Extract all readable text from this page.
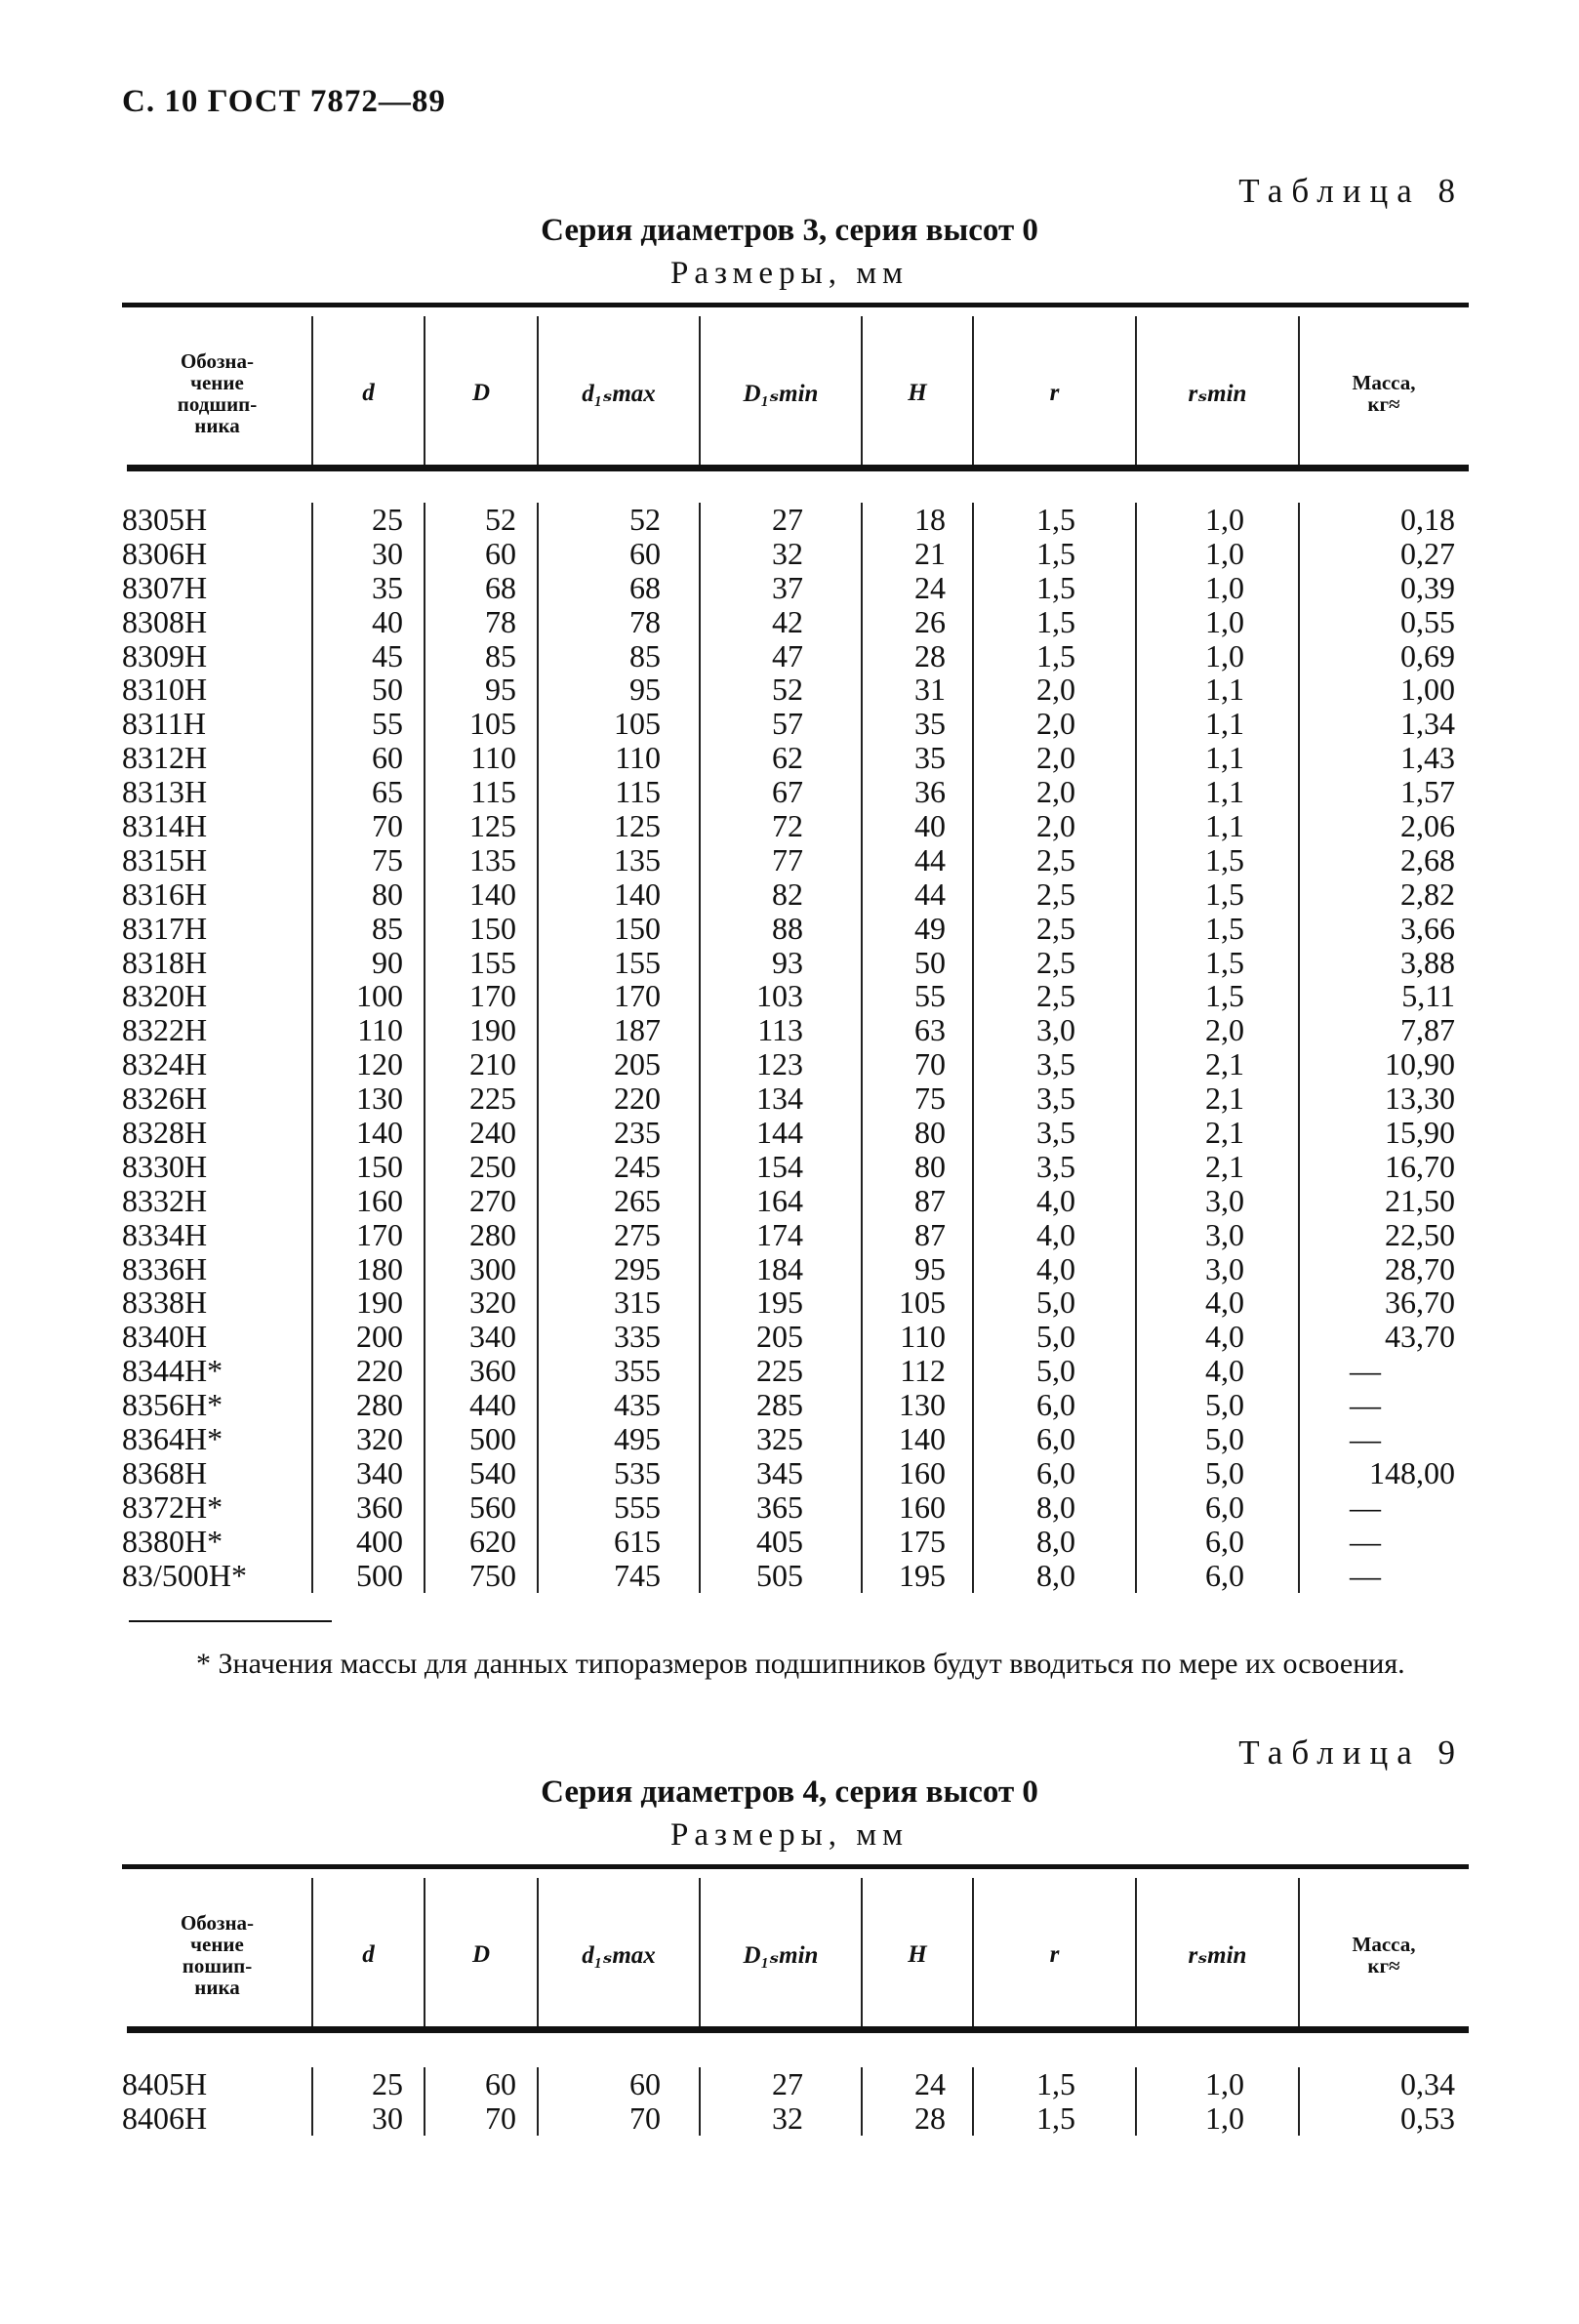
С. 10 ГОСТ 7872—89
Таблица 8
Серия диаметров 3, серия высот 0
Размеры, мм
Обозна-
чение
подшип-
ника
d	D	d₁ₛmax	D₁ₛmin	H	r	rₛmin	Масса,
кг≈
8305Н	25	52	52	27	18	1,5	1,0	0,18
8306Н	30	60	60	32	21	1,5	1,0	0,27
8307Н	35	68	68	37	24	1,5	1,0	0,39
8308Н	40	78	78	42	26	1,5	1,0	0,55
8309Н	45	85	85	47	28	1,5	1,0	0,69
8310Н	50	95	95	52	31	2,0	1,1	1,00
8311Н	55	105	105	57	35	2,0	1,1	1,34
8312Н	60	110	110	62	35	2,0	1,1	1,43
8313Н	65	115	115	67	36	2,0	1,1	1,57
8314Н	70	125	125	72	40	2,0	1,1	2,06
8315Н	75	135	135	77	44	2,5	1,5	2,68
8316Н	80	140	140	82	44	2,5	1,5	2,82
8317Н	85	150	150	88	49	2,5	1,5	3,66
8318Н	90	155	155	93	50	2,5	1,5	3,88
8320Н	100	170	170	103	55	2,5	1,5	5,11
8322Н	110	190	187	113	63	3,0	2,0	7,87
8324Н	120	210	205	123	70	3,5	2,1	10,90
8326Н	130	225	220	134	75	3,5	2,1	13,30
8328Н	140	240	235	144	80	3,5	2,1	15,90
8330Н	150	250	245	154	80	3,5	2,1	16,70
8332Н	160	270	265	164	87	4,0	3,0	21,50
8334Н	170	280	275	174	87	4,0	3,0	22,50
8336Н	180	300	295	184	95	4,0	3,0	28,70
8338Н	190	320	315	195	105	5,0	4,0	36,70
8340Н	200	340	335	205	110	5,0	4,0	43,70
8344Н*	220	360	355	225	112	5,0	4,0	—
8356Н*	280	440	435	285	130	6,0	5,0	—
8364Н*	320	500	495	325	140	6,0	5,0	—
8368Н	340	540	535	345	160	6,0	5,0	148,00
8372Н*	360	560	555	365	160	8,0	6,0	—
8380Н*	400	620	615	405	175	8,0	6,0	—
83/500Н*	500	750	745	505	195	8,0	6,0	—
* Значения массы для данных типоразмеров подшипников будут вводиться по мере их освоения.
Таблица 9
Серия диаметров 4, серия высот 0
Размеры, мм
Обозна-
чение
пошип-
ника
d	D	d₁ₛmax	D₁ₛmin	H	r	rₛmin	Масса,
кг≈
8405Н	25	60	60	27	24	1,5	1,0	0,34
8406Н	30	70	70	32	28	1,5	1,0	0,53
